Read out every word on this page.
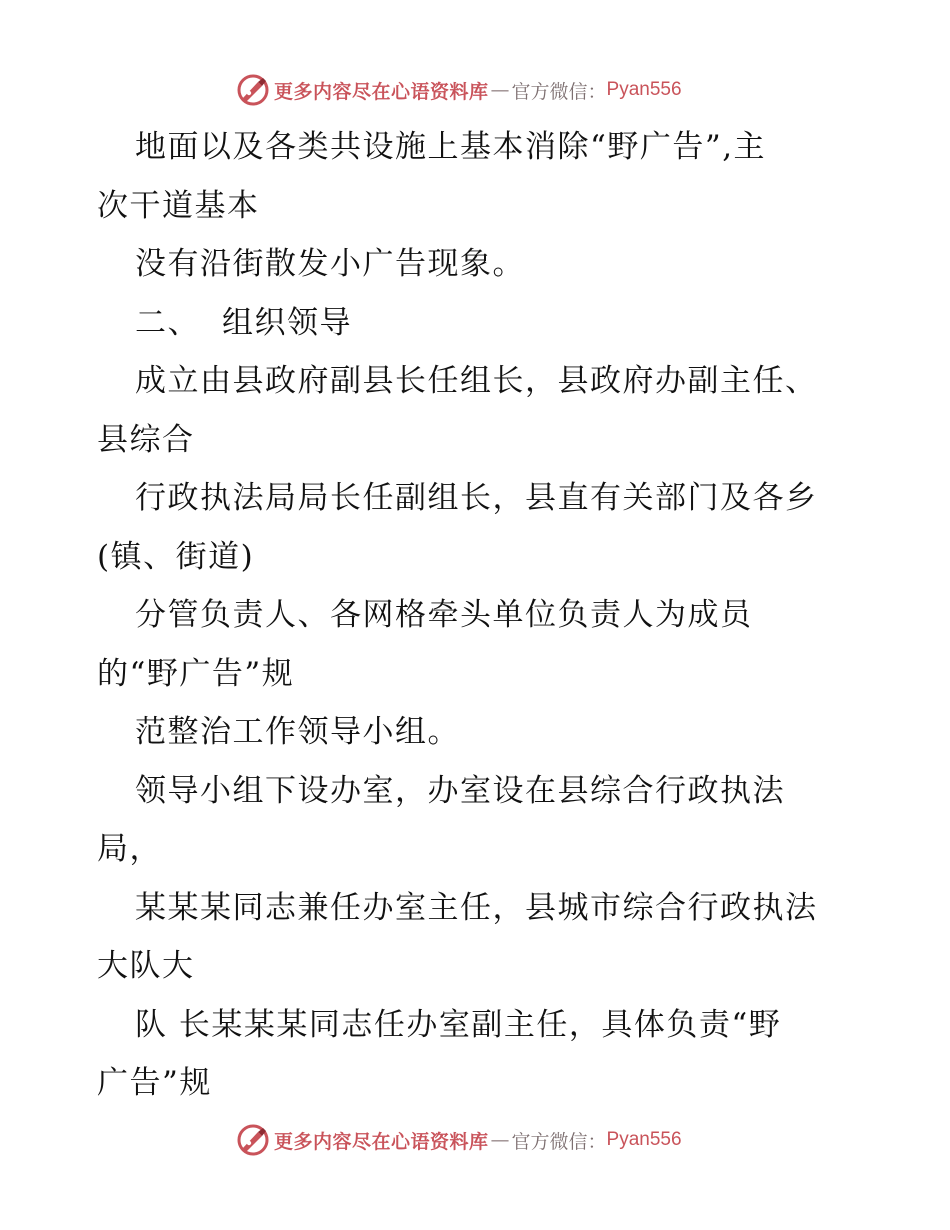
更多内容尽在心语资料库 — 官方微信： Pyan556
地面以及各类共设施上基本消除“野广告”,主
次干道基本
没有沿街散发小广告现象。
二、 组织领导
成立由县政府副县长任组长，县政府办副主任、
县综合
行政执法局局长任副组长，县直有关部门及各乡
(镇、街道)
分管负责人、各网格牵头单位负责人为成员
的“野广告”规
范整治工作领导小组。
领导小组下设办室，办室设在县综合行政执法
局，
某某某同志兼任办室主任，县城市综合行政执法
大队大
队 长某某某同志任办室副主任，具体负责“野
广告”规
更多内容尽在心语资料库 — 官方微信： Pyan556
